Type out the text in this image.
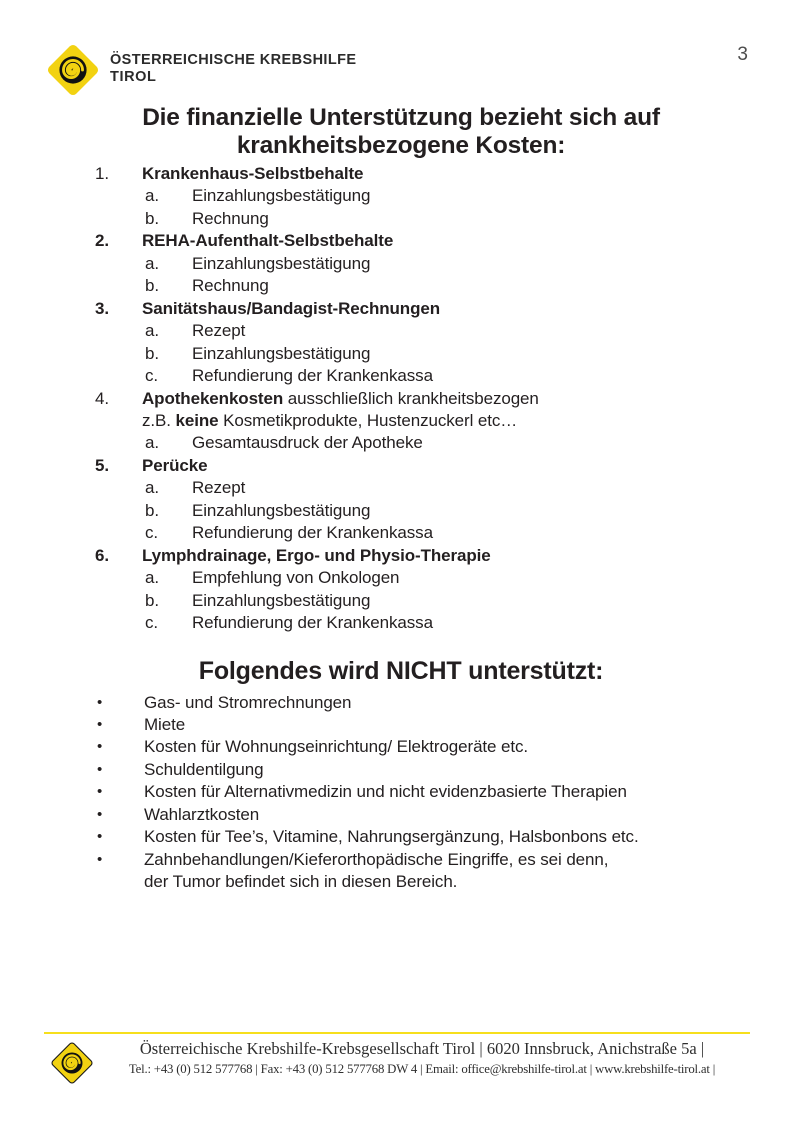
ÖSTERREICHISCHE KREBSHILFE
TIROL
3
Die finanzielle Unterstützung bezieht sich auf
krankheitsbezogene Kosten:
1.	Krankenhaus-Selbstbehalte
a.	Einzahlungsbestätigung
b.	Rechnung
2.	REHA-Aufenthalt-Selbstbehalte
a.	Einzahlungsbestätigung
b.	Rechnung
3.	Sanitätshaus/Bandagist-Rechnungen
a.	Rezept
b.	Einzahlungsbestätigung
c.	Refundierung der Krankenkassa
4.	Apothekenkosten ausschließlich krankheitsbezogen
z.B. keine Kosmetikprodukte, Hustenzuckerl etc…
a.	Gesamtausdruck der Apotheke
5.	Perücke
a.	Rezept
b.	Einzahlungsbestätigung
c.	Refundierung der Krankenkassa
6.	Lymphdrainage, Ergo- und Physio-Therapie
a.	Empfehlung von Onkologen
b.	Einzahlungsbestätigung
c.	Refundierung der Krankenkassa
Folgendes wird NICHT unterstützt:
•	Gas- und Stromrechnungen
•	Miete
•	Kosten für Wohnungseinrichtung/ Elektrogeräte etc.
•	Schuldentilgung
•	Kosten für Alternativmedizin und nicht evidenzbasierte Therapien
•	Wahlarztkosten
•	Kosten für Tee’s, Vitamine, Nahrungsergänzung, Halsbonbons etc.
•	Zahnbehandlungen/Kieferorthopädische Eingriffe, es sei denn,
der Tumor befindet sich in diesen Bereich.
Österreichische Krebshilfe-Krebsgesellschaft Tirol | 6020 Innsbruck, Anichstraße 5a |
Tel.: +43 (0) 512 577768 | Fax: +43 (0) 512 577768 DW 4 | Email: office@krebshilfe-tirol.at | www.krebshilfe-tirol.at |
